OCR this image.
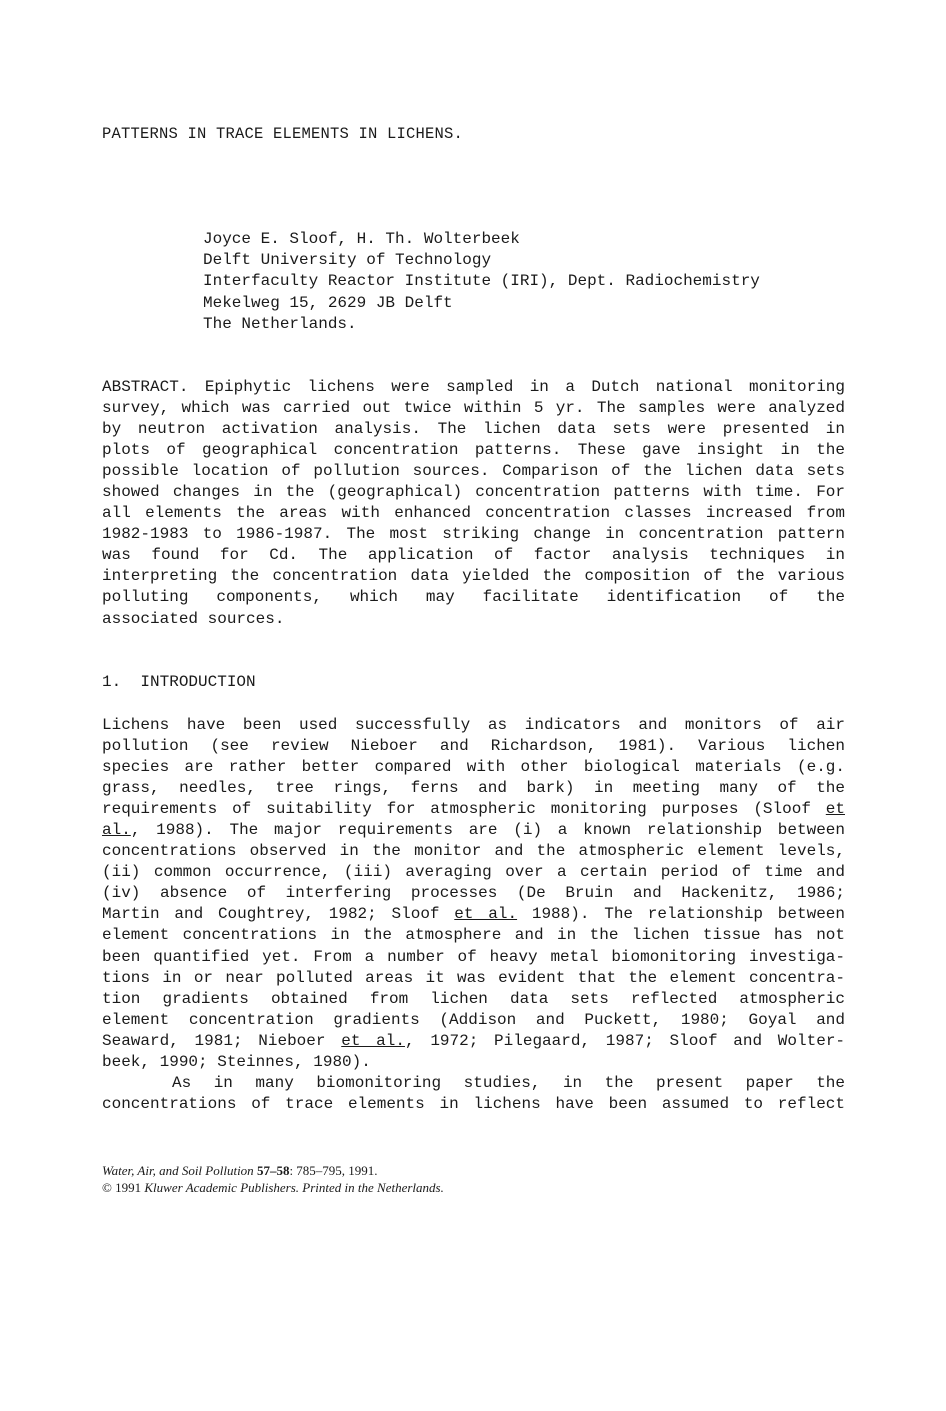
PATTERNS IN TRACE ELEMENTS IN LICHENS.
Joyce E. Sloof, H. Th. Wolterbeek
Delft University of Technology
Interfaculty Reactor Institute (IRI), Dept. Radiochemistry
Mekelweg 15, 2629 JB Delft
The Netherlands.
ABSTRACT. Epiphytic lichens were sampled in a Dutch national monitoring
survey, which was carried out twice within 5 yr. The samples were analyzed
by neutron activation analysis. The lichen data sets were presented in
plots of geographical concentration patterns. These gave insight in the
possible location of pollution sources. Comparison of the lichen data sets
showed changes in the (geographical) concentration patterns with time. For
all elements the areas with enhanced concentration classes increased from
1982-1983 to 1986-1987. The most striking change in concentration pattern
was found for Cd. The application of factor analysis techniques in
interpreting the concentration data yielded the composition of the various
polluting components, which may facilitate identification of the
associated sources.
1.  INTRODUCTION
Lichens have been used successfully as indicators and monitors of air
pollution (see review Nieboer and Richardson, 1981). Various lichen
species are rather better compared with other biological materials (e.g.
grass, needles, tree rings, ferns and bark) in meeting many of the
requirements of suitability for atmospheric monitoring purposes (Sloof et
al., 1988). The major requirements are (i) a known relationship between
concentrations observed in the monitor and the atmospheric element levels,
(ii) common occurrence, (iii) averaging over a certain period of time and
(iv) absence of interfering processes (De Bruin and Hackenitz, 1986;
Martin and Coughtrey, 1982; Sloof et al. 1988). The relationship between
element concentrations in the atmosphere and in the lichen tissue has not
been quantified yet. From a number of heavy metal biomonitoring investiga-
tions in or near polluted areas it was evident that the element concentra-
tion gradients obtained from lichen data sets reflected atmospheric
element concentration gradients (Addison and Puckett, 1980; Goyal and
Seaward, 1981; Nieboer et al., 1972; Pilegaard, 1987; Sloof and Wolter-
beek, 1990; Steinnes, 1980).
As in many biomonitoring studies, in the present paper the
concentrations of trace elements in lichens have been assumed to reflect
Water, Air, and Soil Pollution 57–58: 785–795, 1991.
© 1991 Kluwer Academic Publishers. Printed in the Netherlands.
